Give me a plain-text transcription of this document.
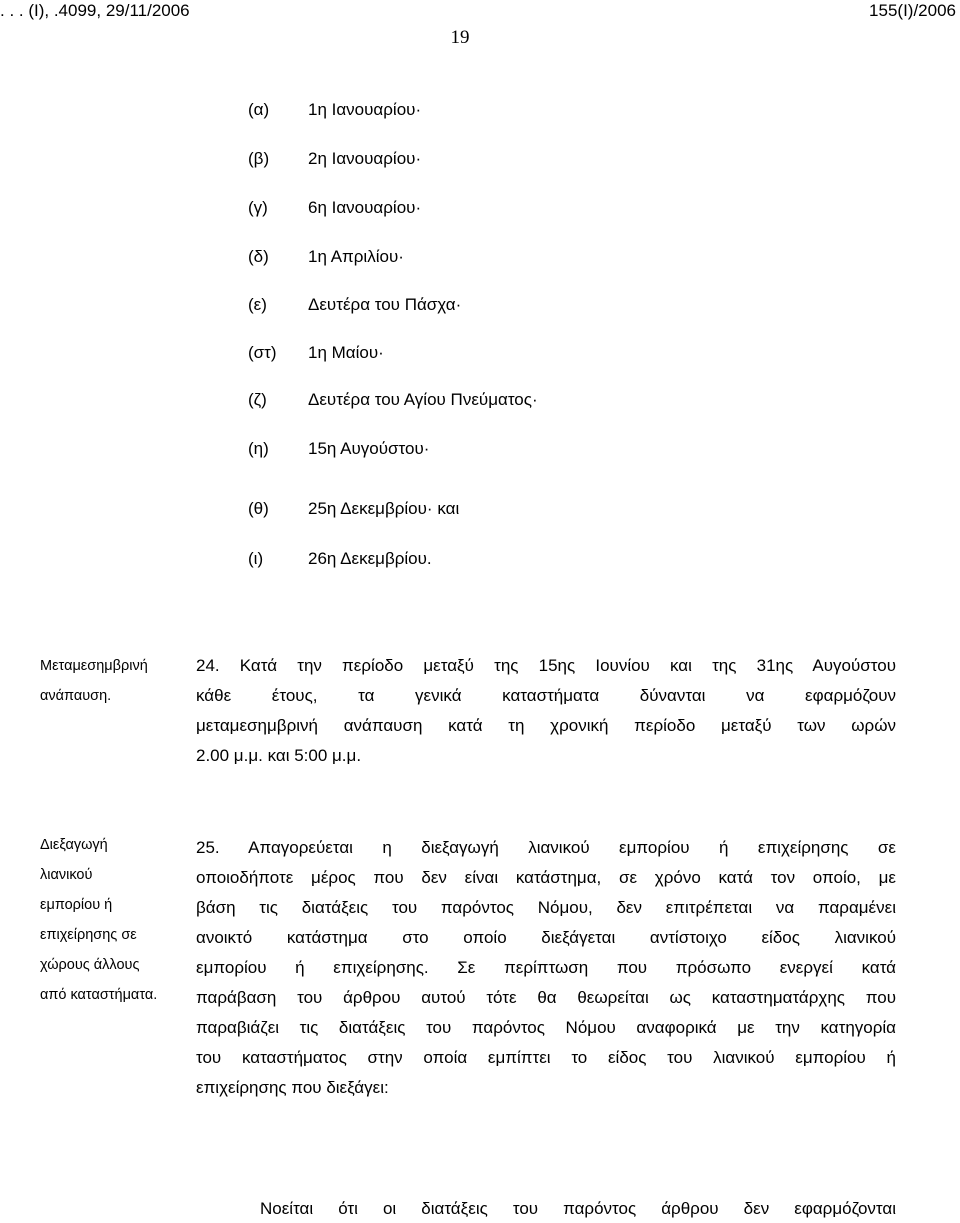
. . . (Ι), .4099, 29/11/2006	155(Ι)/2006
19
(α) 1η Ιανουαρίου·
(β) 2η Ιανουαρίου·
(γ) 6η Ιανουαρίου·
(δ) 1η Απριλίου·
(ε) Δευτέρα του Πάσχα·
(στ) 1η Μαίου·
(ζ) Δευτέρα του Αγίου Πνεύματος·
(η) 15η Αυγούστου·
(θ) 25η Δεκεμβρίου· και
(ι)	26η Δεκεμβρίου.
Μεταμεσημβρινή
ανάπαυση.
24. Κατά την περίοδο μεταξύ της 15ης Ιουνίου και της 31ης Αυγούστου
κάθε έτους, τα γενικά καταστήματα δύνανται να εφαρμόζουν
μεταμεσημβρινή ανάπαυση κατά τη χρονική περίοδο μεταξύ των ωρών
2.00 μ.μ. και 5:00 μ.μ.
Διεξαγωγή
λιανικού
εμπορίου ή
επιχείρησης σε
χώρους άλλους
από καταστήματα.
25. Απαγορεύεται η διεξαγωγή λιανικού εμπορίου ή επιχείρησης σε
οποιοδήποτε μέρος που δεν είναι κατάστημα, σε χρόνο κατά τον οποίο, με
βάση τις διατάξεις του παρόντος Νόμου, δεν επιτρέπεται να παραμένει
ανοικτό κατάστημα στο οποίο διεξάγεται αντίστοιχο είδος λιανικού
εμπορίου ή επιχείρησης. Σε περίπτωση που πρόσωπο ενεργεί κατά
παράβαση του άρθρου αυτού τότε θα θεωρείται ως καταστηματάρχης που
παραβιάζει τις διατάξεις του παρόντος Νόμου αναφορικά με την κατηγορία
του καταστήματος στην οποία εμπίπτει το είδος του λιανικού εμπορίου ή
επιχείρησης που διεξάγει:
Νοείται ότι οι διατάξεις του παρόντος άρθρου δεν εφαρμόζονται
